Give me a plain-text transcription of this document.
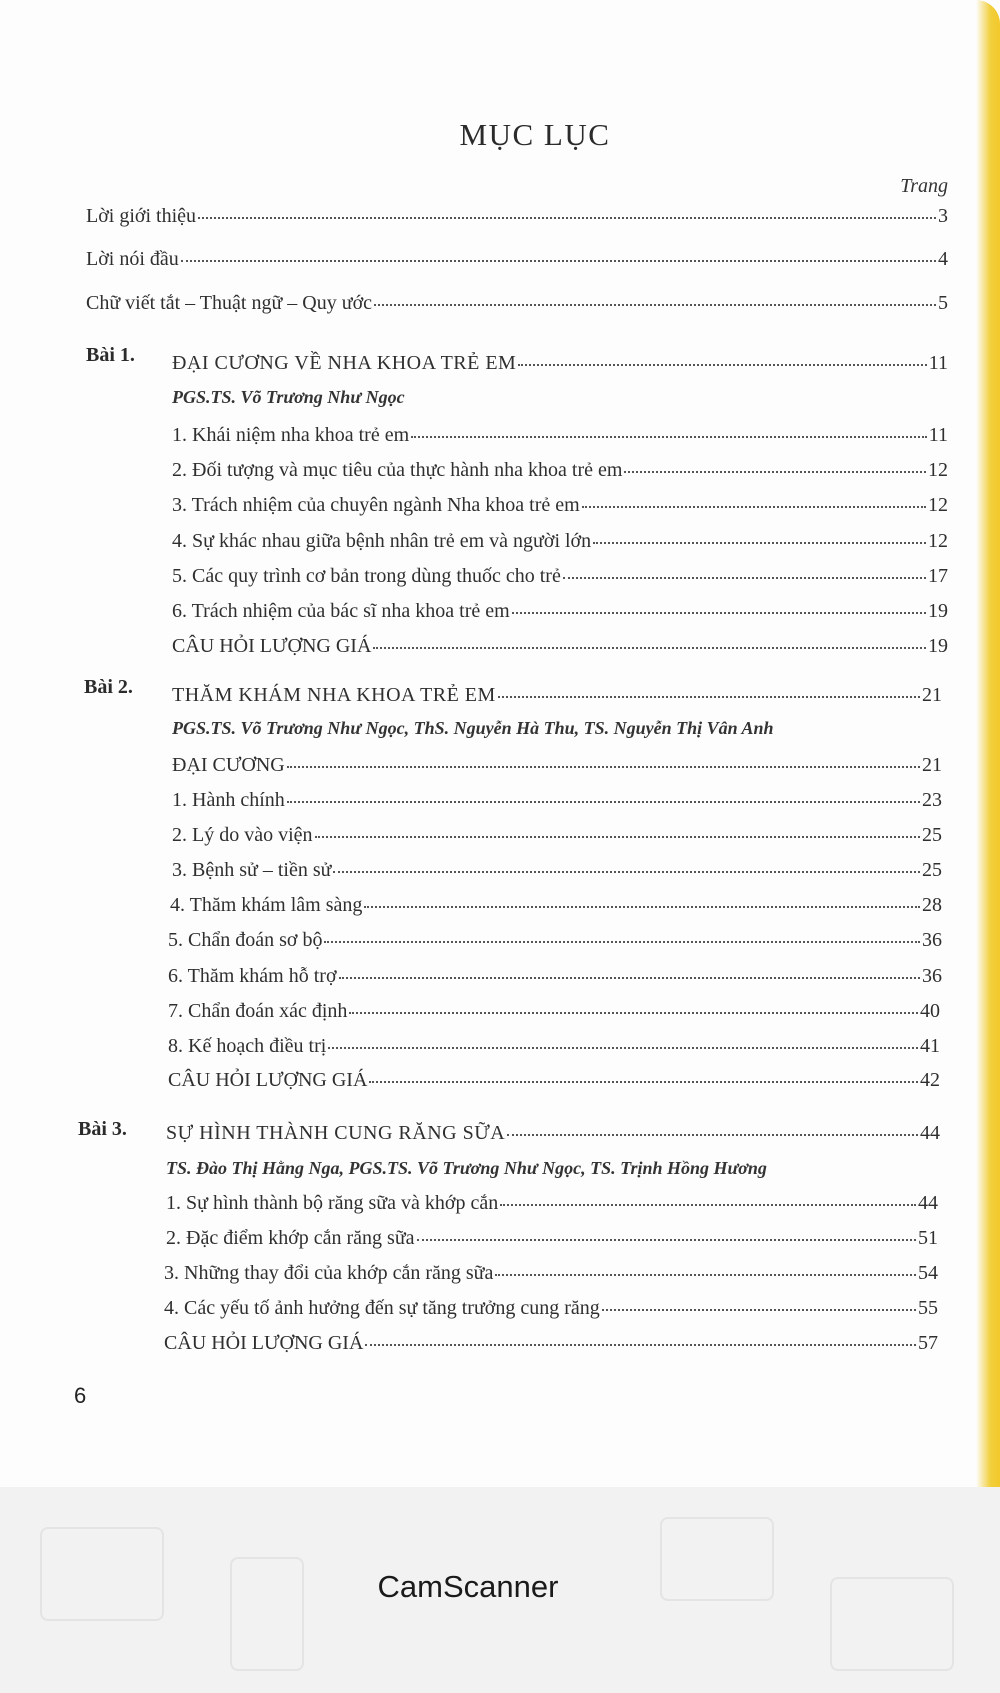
MỤC LỤC
Trang
Lời giới thiệu	3
Lời nói đầu	4
Chữ viết tắt – Thuật ngữ – Quy ước	5
Bài 1. ĐẠI CƯƠNG VỀ NHA KHOA TRẺ EM	11
PGS.TS. Võ Trương Như Ngọc
1. Khái niệm nha khoa trẻ em	11
2. Đối tượng và mục tiêu của thực hành nha khoa trẻ em	12
3. Trách nhiệm của chuyên ngành Nha khoa trẻ em	12
4. Sự khác nhau giữa bệnh nhân trẻ em và người lớn	12
5. Các quy trình cơ bản trong dùng thuốc cho trẻ	17
6. Trách nhiệm của bác sĩ nha khoa trẻ em	19
CÂU HỎI LƯỢNG GIÁ	19
Bài 2. THĂM KHÁM NHA KHOA TRẺ EM	21
PGS.TS. Võ Trương Như Ngọc, ThS. Nguyễn Hà Thu, TS. Nguyễn Thị Vân Anh
ĐẠI CƯƠNG	21
1. Hành chính	23
2. Lý do vào viện	25
3. Bệnh sử – tiền sử	25
4. Thăm khám lâm sàng	28
5. Chẩn đoán sơ bộ	36
6. Thăm khám hỗ trợ	36
7. Chẩn đoán xác định	40
8. Kế hoạch điều trị	41
CÂU HỎI LƯỢNG GIÁ	42
Bài 3. SỰ HÌNH THÀNH CUNG RĂNG SỮA	44
TS. Đào Thị Hằng Nga, PGS.TS. Võ Trương Như Ngọc, TS. Trịnh Hồng Hương
1. Sự hình thành bộ răng sữa và khớp cắn	44
2. Đặc điểm khớp cắn răng sữa	51
3. Những thay đổi của khớp cắn răng sữa	54
4. Các yếu tố ảnh hưởng đến sự tăng trưởng cung răng	55
CÂU HỎI LƯỢNG GIÁ	57
6
CamScanner
